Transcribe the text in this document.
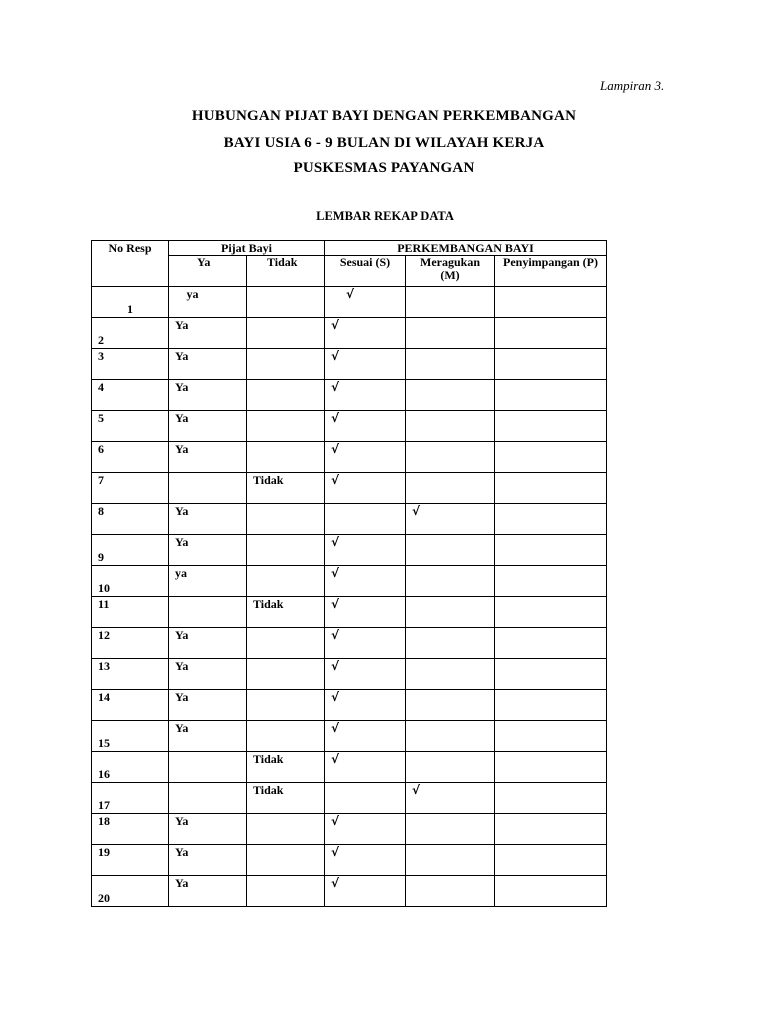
Lampiran 3.
HUBUNGAN PIJAT BAYI DENGAN PERKEMBANGAN
BAYI USIA 6 - 9 BULAN DI WILAYAH KERJA
PUSKESMAS PAYANGAN
LEMBAR REKAP DATA
No Resp	Pijat Bayi		PERKEMBANGAN BAYI		
	Ya	Tidak	Sesuai (S)	Meragukan (M)	Penyimpangan (P)
1	ya		√		
2	Ya		√		
3	Ya		√		
4	Ya		√		
5	Ya		√		
6	Ya		√		
7		Tidak	√		
8	Ya			√	
9	Ya		√		
10	ya		√		
11		Tidak	√		
12	Ya		√		
13	Ya		√		
14	Ya		√		
15	Ya		√		
16		Tidak	√		
17		Tidak		√	
18	Ya		√		
19	Ya		√		
20	Ya		√		
